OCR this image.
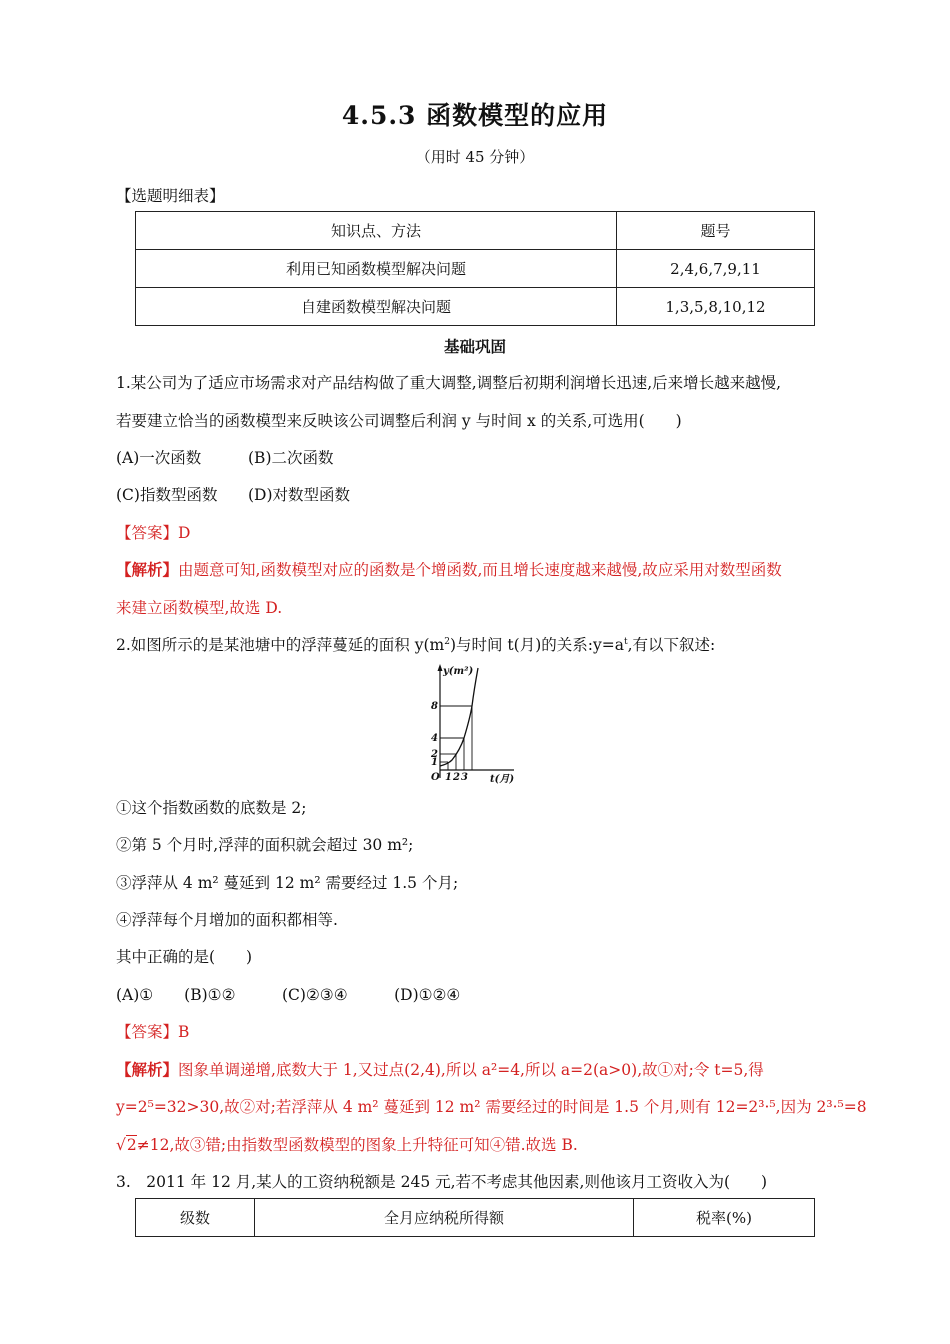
4.5.3 函数模型的应用
（用时 45 分钟）
【选题明细表】
知识点、方法	题号
利用已知函数模型解决问题	2,4,6,7,9,11
自建函数模型解决问题	1,3,5,8,10,12
基础巩固
1.某公司为了适应市场需求对产品结构做了重大调整,调整后初期利润增长迅速,后来增长越来越慢,
若要建立恰当的函数模型来反映该公司调整后利润 y 与时间 x 的关系,可选用(　　)
(A)一次函数	(B)二次函数
(C)指数型函数 (D)对数型函数
【答案】D
【解析】由题意可知,函数模型对应的函数是个增函数,而且增长速度越来越慢,故应采用对数型函数
来建立函数模型,故选 D.
2.如图所示的是某池塘中的浮萍蔓延的面积 $y(m^2)$与时间 t(月)的关系$:y=a^t$,有以下叙述:
y(m²)
1
2
4
8
O 1 2 3 t(月)
①这个指数函数的底数是 2;
②第 5 个月时,浮萍的面积就会超过 30 m²;
③浮萍从 4 m² 蔓延到 12 m² 需要经过 1.5 个月;
④浮萍每个月增加的面积都相等.
其中正确的是(　　)
(A)①　　(B)①②　　　(C)②③④　　　(D)①②④
【答案】B
【解析】图象单调递增,底数大于 1,又过点(2,4),所以 a²=4,所以 a=2(a>0),故①对;令 t=5,得
y=2⁵=32>30,故②对;若浮萍从 4 m² 蔓延到 12 m² 需要经过的时间是 1.5 个月,则有 12=2³·⁵,因为 2³·⁵=8
√2≠12,故③错;由指数型函数模型的图象上升特征可知④错.故选 B.
3.　2011 年 12 月,某人的工资纳税额是 245 元,若不考虑其他因素,则他该月工资收入为(　　)
级数	全月应纳税所得额	税率(%)
